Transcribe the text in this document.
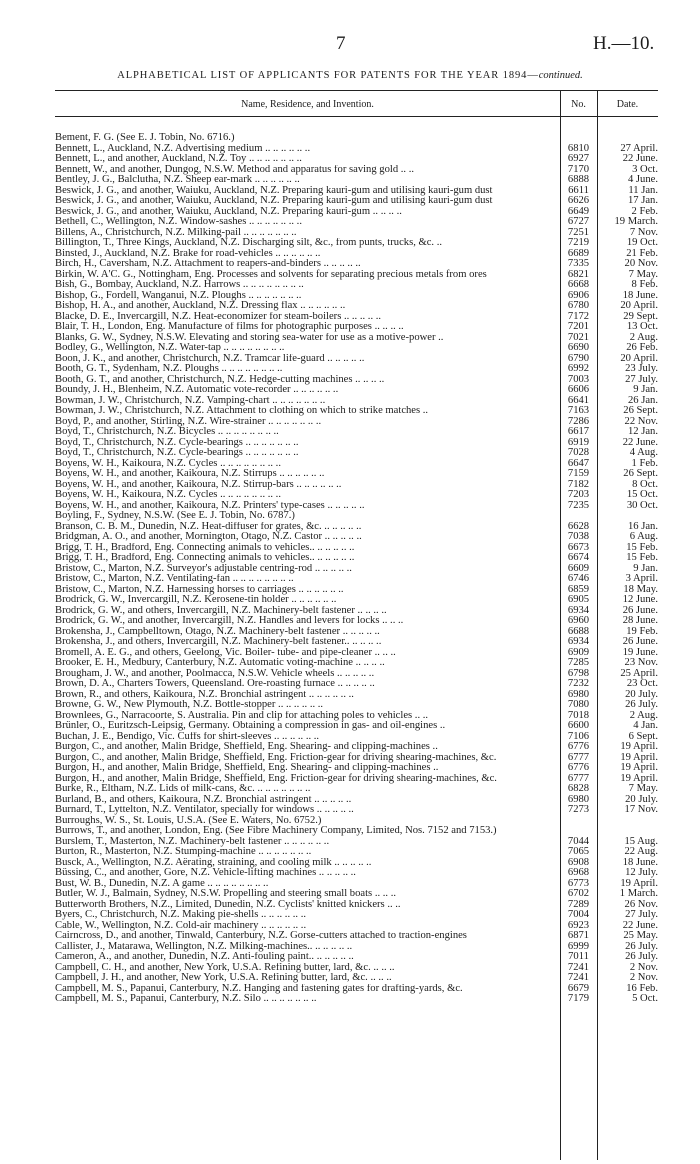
7	H.—10.
ALPHABETICAL LIST OF APPLICANTS FOR PATENTS FOR THE YEAR 1894—continued.
Name, Residence, and Invention.	No.	Date.
Bement, F. G. (See E. J. Tobin, No. 6716.)
Bennett, L., Auckland, N.Z. Advertising medium .. .. .. .. .. ..	6810	27 April.
Bennett, L., and another, Auckland, N.Z. Toy .. .. .. .. .. .. ..	6927	22 June.
Bennett, W., and another, Dungog, N.S.W. Method and apparatus for saving gold .. ..	7170	3 Oct.
Bentley, J. G., Balclutha, N.Z. Sheep ear-mark .. .. .. .. .. ..	6888	4 June.
Beswick, J. G., and another, Waiuku, Auckland, N.Z. Preparing kauri-gum and utilising kauri-gum dust	6611	11 Jan.
Beswick, J. G., and another, Waiuku, Auckland, N.Z. Preparing kauri-gum and utilising kauri-gum dust	6626	17 Jan.
Beswick, J. G., and another, Waiuku, Auckland, N.Z. Preparing kauri-gum .. .. .. ..	6649	2 Feb.
Bethell, C., Wellington, N.Z. Window-sashes .. .. .. .. .. .. ..	6727	19 March.
Billens, A., Christchurch, N.Z. Milking-pail .. .. .. .. .. .. ..	7251	7 Nov.
Billington, T., Three Kings, Auckland, N.Z. Discharging silt, &c., from punts, trucks, &c. ..	7219	19 Oct.
Binsted, J., Auckland, N.Z. Brake for road-vehicles .. .. .. .. .. ..	6689	21 Feb.
Birch, H., Caversham, N.Z. Attachment to reapers-and-binders .. .. .. .. ..	7335	20 Nov.
Birkin, W. A'C. G., Nottingham, Eng. Processes and solvents for separating precious metals from ores	6821	7 May.
Bish, G., Bombay, Auckland, N.Z. Harrows .. .. .. .. .. .. .. ..	6668	8 Feb.
Bishop, G., Fordell, Wanganui, N.Z. Ploughs .. .. .. .. .. .. ..	6906	18 June.
Bishop, H. A., and another, Auckland, N.Z. Dressing flax .. .. .. .. .. ..	6780	20 April.
Blacke, D. E., Invercargill, N.Z. Heat-economizer for steam-boilers .. .. .. .. ..	7172	29 Sept.
Blair, T. H., London, Eng. Manufacture of films for photographic purposes .. .. .. ..	7201	13 Oct.
Blanks, G. W., Sydney, N.S.W. Elevating and storing sea-water for use as a motive-power ..	7021	2 Aug.
Bodley, G., Wellington, N.Z. Water-tap .. .. .. .. .. .. .. ..	6690	26 Feb.
Boon, J. K., and another, Christchurch, N.Z. Tramcar life-guard .. .. .. .. ..	6790	20 April.
Booth, G. T., Sydenham, N.Z. Ploughs .. .. .. .. .. .. .. ..	6992	23 July.
Booth, G. T., and another, Christchurch, N.Z. Hedge-cutting machines .. .. .. ..	7003	27 July.
Boundy, J. H., Blenheim, N.Z. Automatic vote-recorder .. .. .. .. .. ..	6606	9 Jan.
Bowman, J. W., Christchurch, N.Z. Vamping-chart .. .. .. .. .. .. ..	6641	26 Jan.
Bowman, J. W., Christchurch, N.Z. Attachment to clothing on which to strike matches ..	7163	26 Sept.
Boyd, P., and another, Stirling, N.Z. Wire-strainer .. .. .. .. .. .. ..	7286	22 Nov.
Boyd, T., Christchurch, N.Z. Bicycles .. .. .. .. .. .. .. ..	6617	12 Jan.
Boyd, T., Christchurch, N.Z. Cycle-bearings .. .. .. .. .. .. ..	6919	22 June.
Boyd, T., Christchurch, N.Z. Cycle-bearings .. .. .. .. .. .. ..	7028	4 Aug.
Boyens, W. H., Kaikoura, N.Z. Cycles .. .. .. .. .. .. .. ..	6647	1 Feb.
Boyens, W. H., and another, Kaikoura, N.Z. Stirrups .. .. .. .. .. ..	7159	26 Sept.
Boyens, W. H., and another, Kaikoura, N.Z. Stirrup-bars .. .. .. .. .. ..	7182	8 Oct.
Boyens, W. H., Kaikoura, N.Z. Cycles .. .. .. .. .. .. .. ..	7203	15 Oct.
Boyens, W. H., and another, Kaikoura, N.Z. Printers' type-cases .. .. .. .. ..	7235	30 Oct.
Boyling, F., Sydney, N.S.W. (See E. J. Tobin, No. 6787.)
Branson, C. B. M., Dunedin, N.Z. Heat-diffuser for grates, &c. .. .. .. .. ..	6628	16 Jan.
Bridgman, A. O., and another, Mornington, Otago, N.Z. Castor .. .. .. .. ..	7038	6 Aug.
Brigg, T. H., Bradford, Eng. Connecting animals to vehicles.. .. .. .. .. ..	6673	15 Feb.
Brigg, T. H., Bradford, Eng. Connecting animals to vehicles.. .. .. .. .. ..	6674	15 Feb.
Bristow, C., Marton, N.Z. Surveyor's adjustable centring-rod .. .. .. .. ..	6609	9 Jan.
Bristow, C., Marton, N.Z. Ventilating-fan .. .. .. .. .. .. .. ..	6746	3 April.
Bristow, C., Marton, N.Z. Harnessing horses to carriages .. .. .. .. .. ..	6859	18 May.
Brodrick, G. W., Invercargill, N.Z. Kerosene-tin holder .. .. .. .. .. ..	6905	12 June.
Brodrick, G. W., and others, Invercargill, N.Z. Machinery-belt fastener .. .. .. ..	6934	26 June.
Brodrick, G. W., and another, Invercargill, N.Z. Handles and levers for locks .. .. ..	6960	28 June.
Brokensha, J., Campbelltown, Otago, N.Z. Machinery-belt fastener .. .. .. .. ..	6688	19 Feb.
Brokensha, J., and others, Invercargill, N.Z. Machinery-belt fastener.. .. .. .. ..	6934	26 June.
Bromell, A. E. G., and others, Geelong, Vic. Boiler- tube- and pipe-cleaner .. .. ..	6909	19 June.
Brooker, E. H., Medbury, Canterbury, N.Z. Automatic voting-machine .. .. .. ..	7285	23 Nov.
Brougham, J. W., and another, Poolmacca, N.S.W. Vehicle wheels .. .. .. .. ..	6798	25 April.
Brown, D. A., Charters Towers, Queensland. Ore-roasting furnace .. .. .. .. ..	7232	23 Oct.
Brown, R., and others, Kaikoura, N.Z. Bronchial astringent .. .. .. .. .. ..	6980	20 July.
Browne, G. W., New Plymouth, N.Z. Bottle-stopper .. .. .. .. .. ..	7080	26 July.
Brownlees, G., Narracoorte, S. Australia. Pin and clip for attaching poles to vehicles .. ..	7018	2 Aug.
Brünler, O., Euritzsch-Leipsig, Germany. Obtaining a compression in gas- and oil-engines ..	6600	4 Jan.
Buchan, J. E., Bendigo, Vic. Cuffs for shirt-sleeves .. .. .. .. .. ..	7106	6 Sept.
Burgon, C., and another, Malin Bridge, Sheffield, Eng. Shearing- and clipping-machines ..	6776	19 April.
Burgon, C., and another, Malin Bridge, Sheffield, Eng. Friction-gear for driving shearing-machines, &c.	6777	19 April.
Burgon, H., and another, Malin Bridge, Sheffield, Eng. Shearing- and clipping-machines ..	6776	19 April.
Burgon, H., and another, Malin Bridge, Sheffield, Eng. Friction-gear for driving shearing-machines, &c.	6777	19 April.
Burke, R., Eltham, N.Z. Lids of milk-cans, &c. .. .. .. .. .. .. ..	6828	7 May.
Burland, B., and others, Kaikoura, N.Z. Bronchial astringent .. .. .. .. ..	6980	20 July.
Burnard, T., Lyttelton, N.Z. Ventilator, specially for windows .. .. .. .. ..	7273	17 Nov.
Burroughs, W. S., St. Louis, U.S.A. (See E. Waters, No. 6752.)
Burrows, T., and another, London, Eng. (See Fibre Machinery Company, Limited, Nos. 7152 and 7153.)
Burslem, T., Masterton, N.Z. Machinery-belt fastener .. .. .. .. .. ..	7044	15 Aug.
Burton, R., Masterton, N.Z. Stumping-machine .. .. .. .. .. .. ..	7065	22 Aug.
Busck, A., Wellington, N.Z. Aërating, straining, and cooling milk .. .. .. .. ..	6908	18 June.
Büssing, C., and another, Gore, N.Z. Vehicle-lifting machines .. .. .. .. ..	6968	12 July.
Bust, W. B., Dunedin, N.Z. A game .. .. .. .. .. .. .. ..	6773	19 April.
Butler, W. J., Balmain, Sydney, N.S.W. Propelling and steering small boats .. .. ..	6702	1 March.
Butterworth Brothers, N.Z., Limited, Dunedin, N.Z. Cyclists' knitted knickers .. ..	7289	26 Nov.
Byers, C., Christchurch, N.Z. Making pie-shells .. .. .. .. .. ..	7004	27 July.
Cable, W., Wellington, N.Z. Cold-air machinery .. .. .. .. .. ..	6923	22 June.
Cairncross, D., and another, Tinwald, Canterbury, N.Z. Gorse-cutters attached to traction-engines	6871	25 May.
Callister, J., Matarawa, Wellington, N.Z. Milking-machines.. .. .. .. .. ..	6999	26 July.
Cameron, A., and another, Dunedin, N.Z. Anti-fouling paint.. .. .. .. .. ..	7011	26 July.
Campbell, C. H., and another, New York, U.S.A. Refining butter, lard, &c. .. .. ..	7241	2 Nov.
Campbell, J. H., and another, New York, U.S.A. Refining butter, lard, &c. .. .. ..	7241	2 Nov.
Campbell, M. S., Papanui, Canterbury, N.Z. Hanging and fastening gates for drafting-yards, &c.	6679	16 Feb.
Campbell, M. S., Papanui, Canterbury, N.Z. Silo .. .. .. .. .. .. ..	7179	5 Oct.
